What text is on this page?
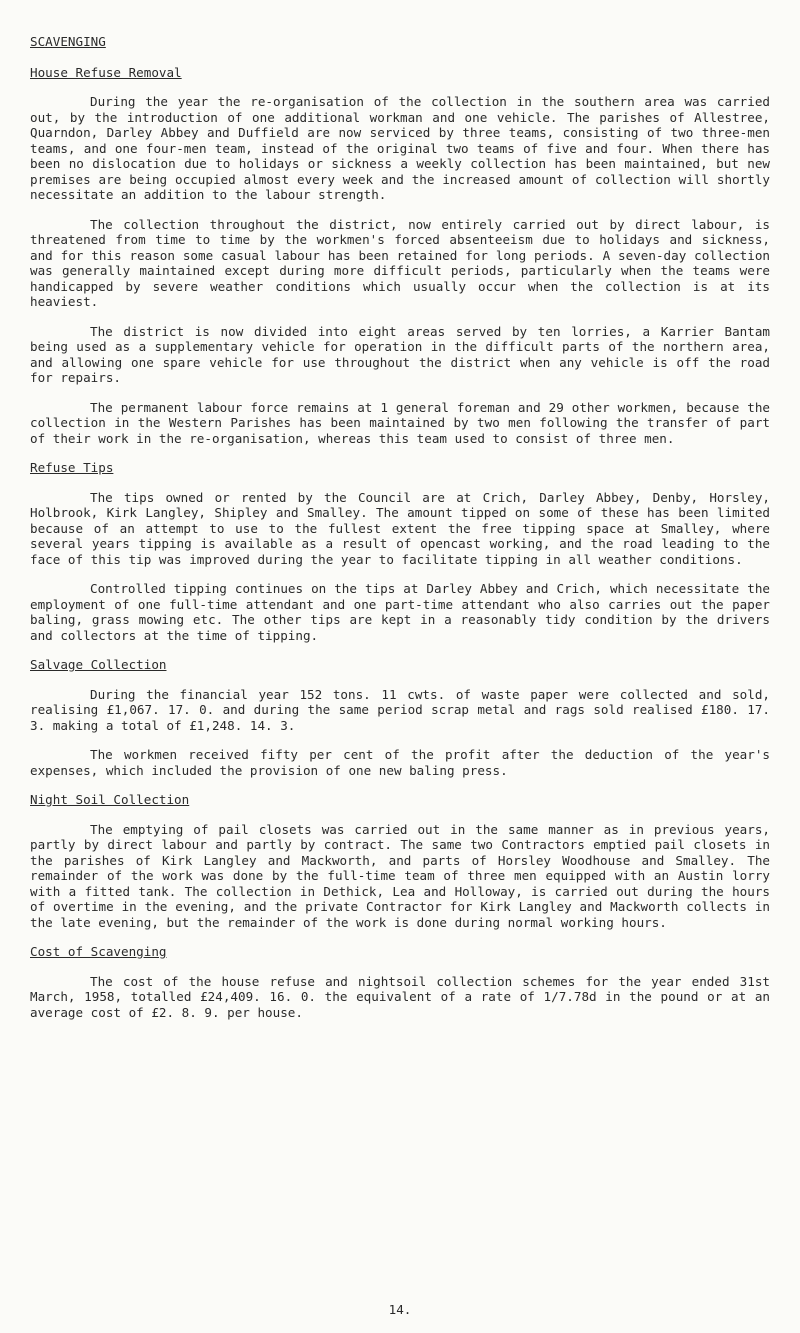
SCAVENGING
House Refuse Removal

During the year the re-organisation of the collection in the southern area was carried out, by the introduction of one additional workman and one vehicle. The parishes of Allestree, Quarndon, Darley Abbey and Duffield are now serviced by three teams, consisting of two three-men teams, and one four-men team, instead of the original two teams of five and four. When there has been no dislocation due to holidays or sickness a weekly collection has been maintained, but new premises are being occupied almost every week and the increased amount of collection will shortly necessitate an addition to the labour strength.

The collection throughout the district, now entirely carried out by direct labour, is threatened from time to time by the workmen's forced absenteeism due to holidays and sickness, and for this reason some casual labour has been retained for long periods. A seven-day collection was generally maintained except during more difficult periods, particularly when the teams were handicapped by severe weather conditions which usually occur when the collection is at its heaviest.

The district is now divided into eight areas served by ten lorries, a Karrier Bantam being used as a supplementary vehicle for operation in the difficult parts of the northern area, and allowing one spare vehicle for use throughout the district when any vehicle is off the road for repairs.

The permanent labour force remains at 1 general foreman and 29 other workmen, because the collection in the Western Parishes has been maintained by two men following the transfer of part of their work in the re-organisation, whereas this team used to consist of three men.

Refuse Tips

The tips owned or rented by the Council are at Crich, Darley Abbey, Denby, Horsley, Holbrook, Kirk Langley, Shipley and Smalley. The amount tipped on some of these has been limited because of an attempt to use to the fullest extent the free tipping space at Smalley, where several years tipping is available as a result of opencast working, and the road leading to the face of this tip was improved during the year to facilitate tipping in all weather conditions.

Controlled tipping continues on the tips at Darley Abbey and Crich, which necessitate the employment of one full-time attendant and one part-time attendant who also carries out the paper baling, grass mowing etc. The other tips are kept in a reasonably tidy condition by the drivers and collectors at the time of tipping.

Salvage Collection

During the financial year 152 tons. 11 cwts. of waste paper were collected and sold, realising £1,067. 17. 0. and during the same period scrap metal and rags sold realised £180. 17. 3. making a total of £1,248. 14. 3.

The workmen received fifty per cent of the profit after the deduction of the year's expenses, which included the provision of one new baling press.

Night Soil Collection

The emptying of pail closets was carried out in the same manner as in previous years, partly by direct labour and partly by contract. The same two Contractors emptied pail closets in the parishes of Kirk Langley and Mackworth, and parts of Horsley Woodhouse and Smalley. The remainder of the work was done by the full-time team of three men equipped with an Austin lorry with a fitted tank. The collection in Dethick, Lea and Holloway, is carried out during the hours of overtime in the evening, and the private Contractor for Kirk Langley and Mackworth collects in the late evening, but the remainder of the work is done during normal working hours.

Cost of Scavenging

The cost of the house refuse and nightsoil collection schemes for the year ended 31st March, 1958, totalled £24,409. 16. 0. the equivalent of a rate of 1/7.78d in the pound or at an average cost of £2. 8. 9. per house.

14.
